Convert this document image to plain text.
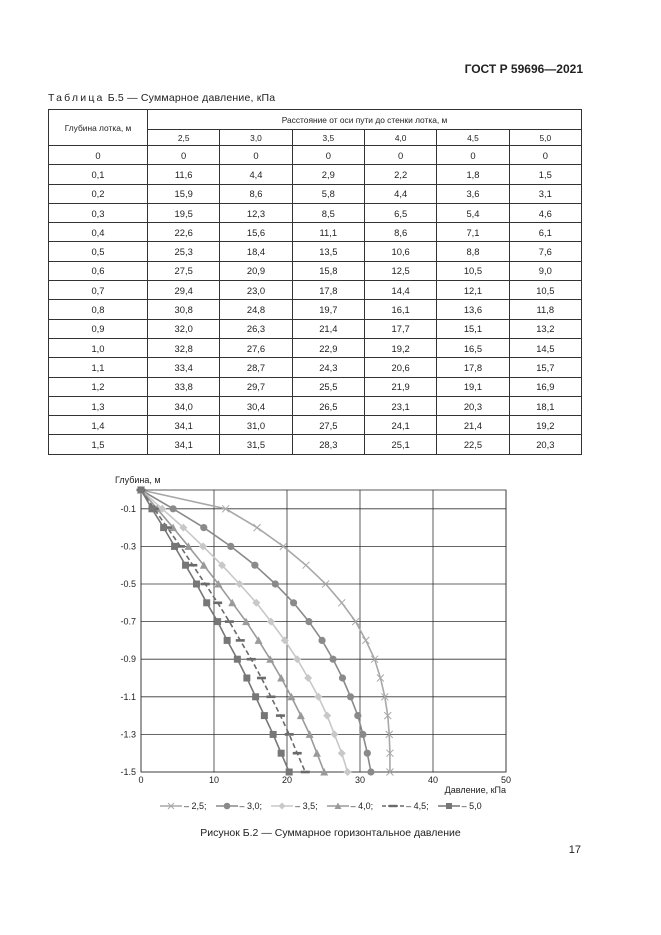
ГОСТ Р 59696—2021
Таблица Б.5 — Суммарное давление, кПа
Глубина лотка, м	Расстояние от оси пути до стенки лотка, м					
	2,5	3,0	3,5	4,0	4,5	5,0
0	0	0	0	0	0	0
0,1	11,6	4,4	2,9	2,2	1,8	1,5
0,2	15,9	8,6	5,8	4,4	3,6	3,1
0,3	19,5	12,3	8,5	6,5	5,4	4,6
0,4	22,6	15,6	11,1	8,6	7,1	6,1
0,5	25,3	18,4	13,5	10,6	8,8	7,6
0,6	27,5	20,9	15,8	12,5	10,5	9,0
0,7	29,4	23,0	17,8	14,4	12,1	10,5
0,8	30,8	24,8	19,7	16,1	13,6	11,8
0,9	32,0	26,3	21,4	17,7	15,1	13,2
1,0	32,8	27,6	22,9	19,2	16,5	14,5
1,1	33,4	28,7	24,3	20,6	17,8	15,7
1,2	33,8	29,7	25,5	21,9	19,1	16,9
1,3	34,0	30,4	26,5	23,1	20,3	18,1
1,4	34,1	31,0	27,5	24,1	21,4	19,2
1,5	34,1	31,5	28,3	25,1	22,5	20,3
0	10	20	30	40	50
-0.1
-0.3
-0.5
-0.7
-0.9
-1.1
-1.3
-1.5
Глубина, м
Давление, кПа
– 2,5;	– 3,0;	– 3,5;	– 4,0;	– 4,5;	– 5,0
Рисунок Б.2 — Суммарное горизонтальное давление
17
